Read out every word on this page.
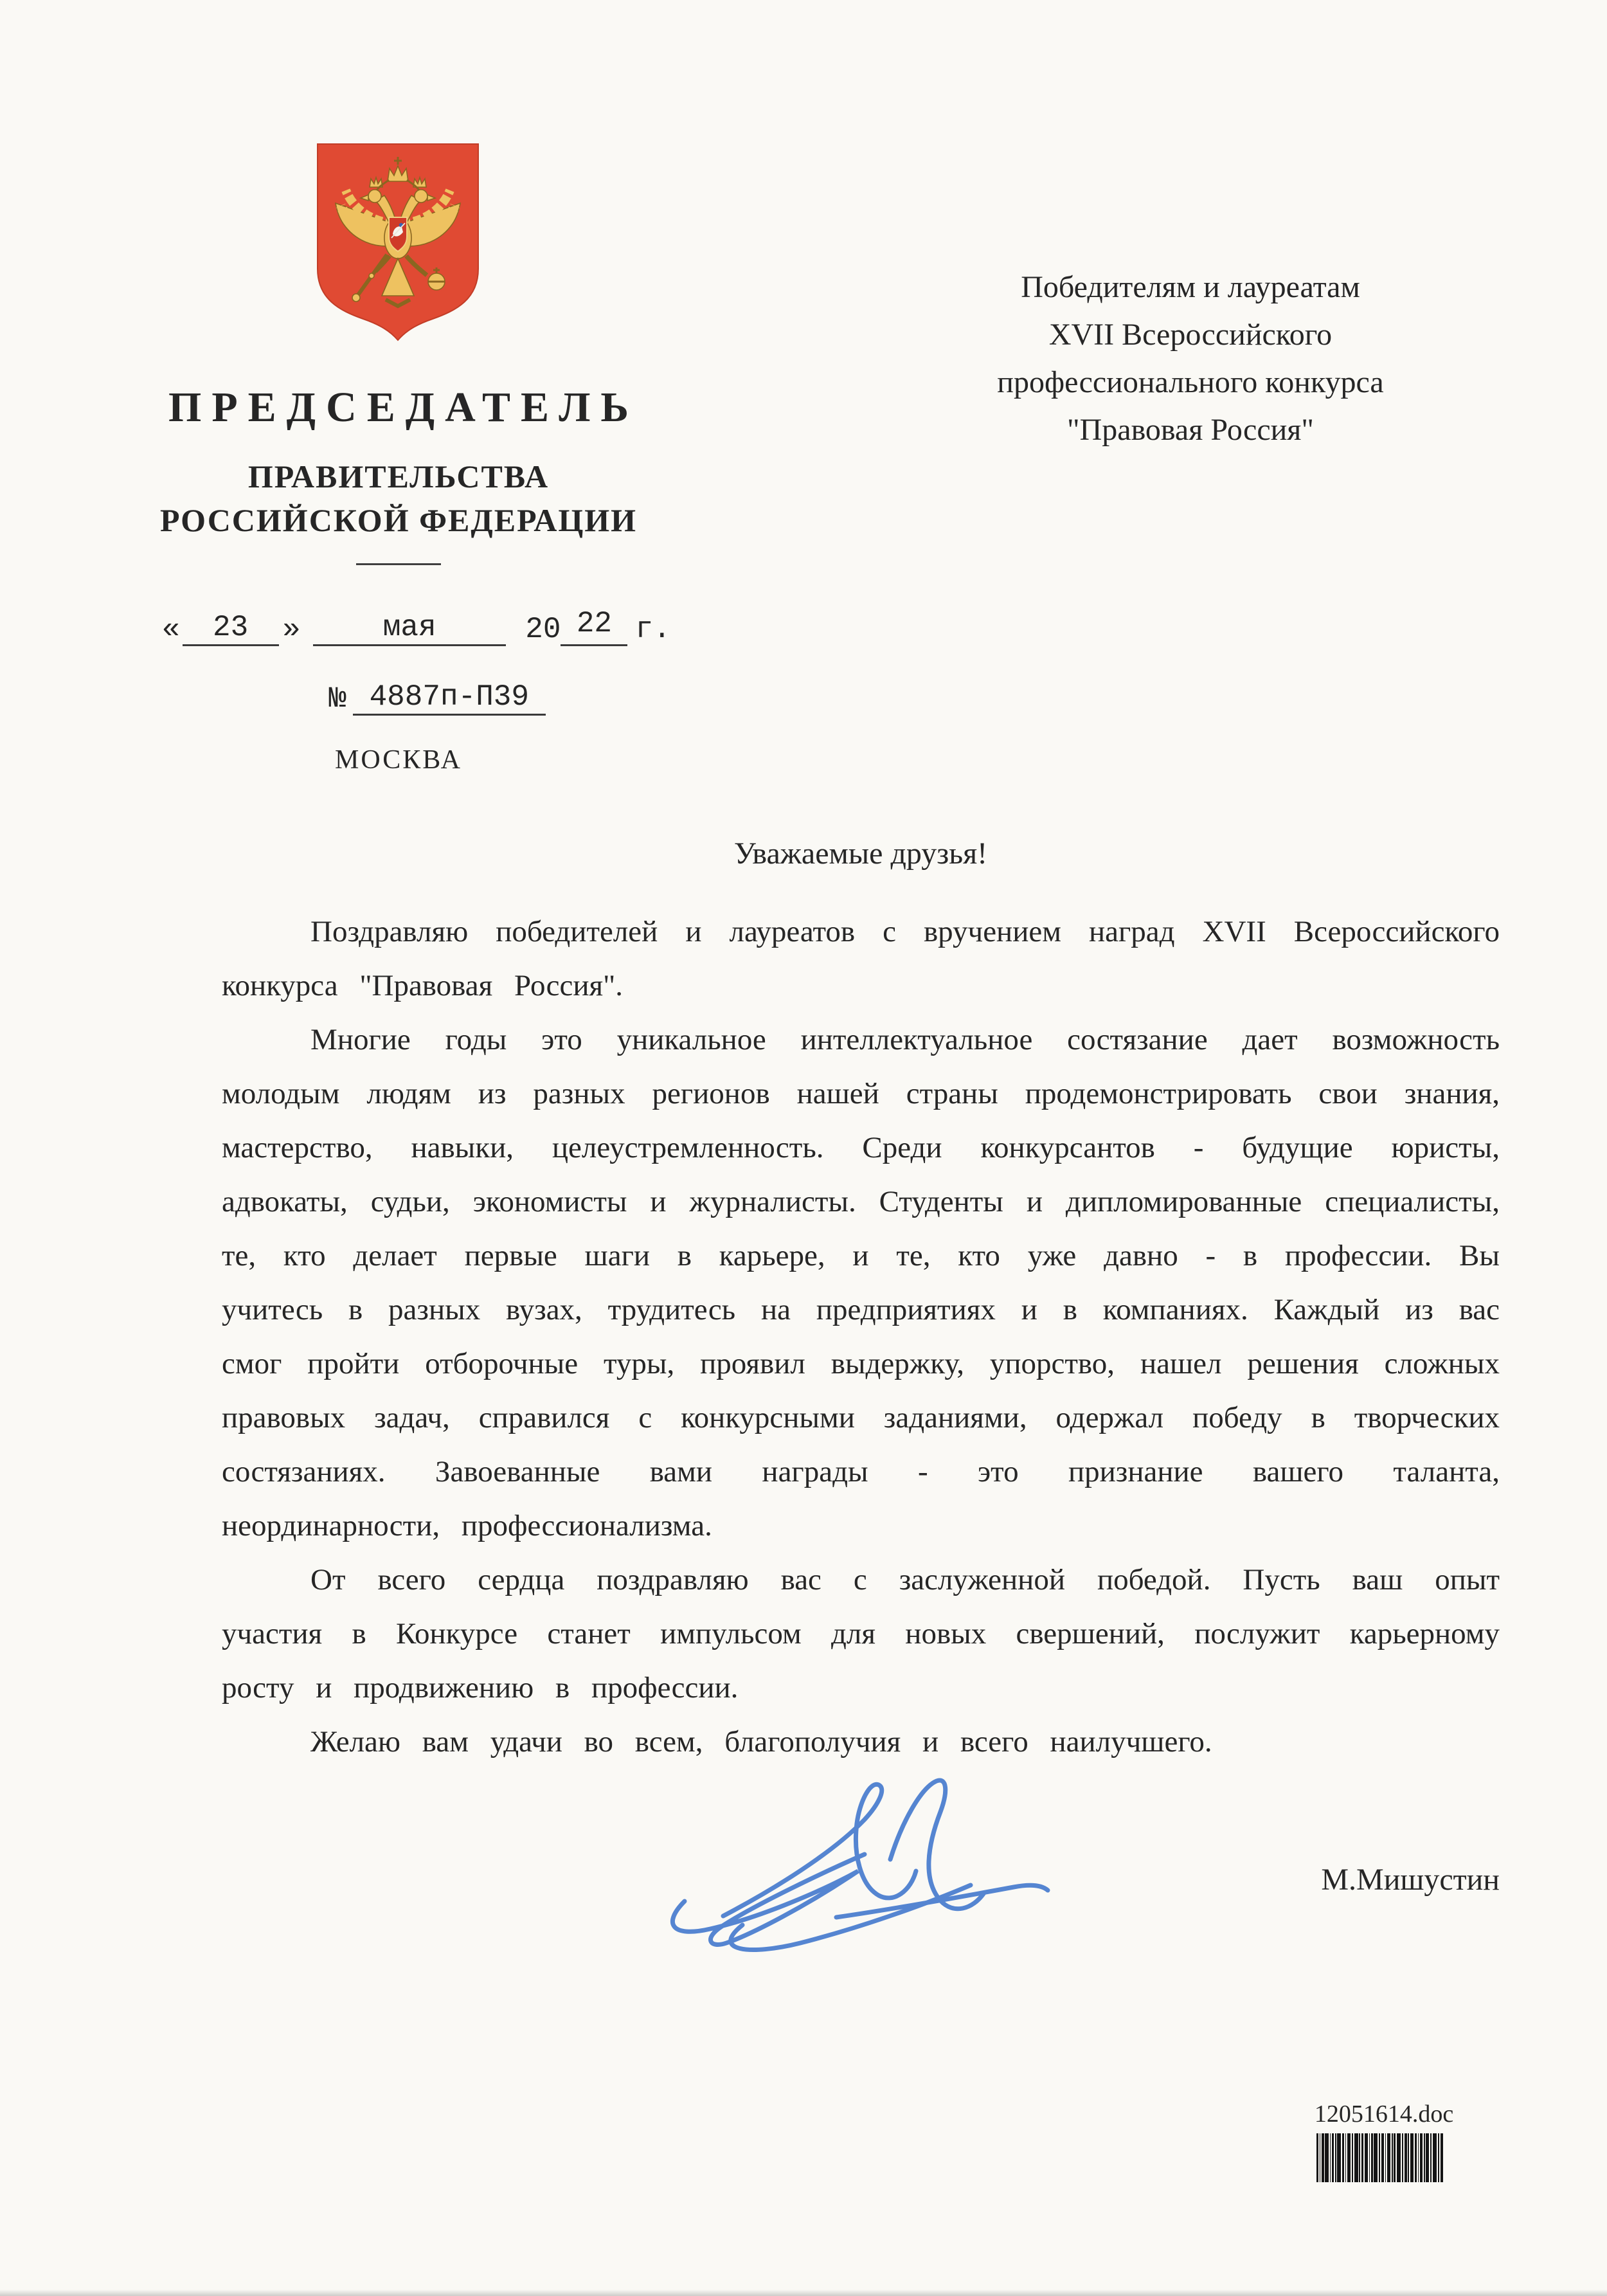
ПРЕДСЕДАТЕЛЬ
ПРАВИТЕЛЬСТВА
РОССИЙСКОЙ ФЕДЕРАЦИИ
Победителям и лауреатам
XVII Всероссийского
профессионального конкурса
"Правовая Россия"
«	23	»	мая	20 22 г.
№ 4887п-П39
МОСКВА
Уважаемые друзья!

Поздравляю победителей и лауреатов с вручением наград XVII Всероссийского конкурса "Правовая Россия".

Многие годы это уникальное интеллектуальное состязание дает возможность молодым людям из разных регионов нашей страны продемонстрировать свои знания, мастерство, навыки, целеустремленность. Среди конкурсантов - будущие юристы, адвокаты, судьи, экономисты и журналисты. Студенты и дипломированные специалисты, те, кто делает первые шаги в карьере, и те, кто уже давно - в профессии. Вы учитесь в разных вузах, трудитесь на предприятиях и в компаниях. Каждый из вас смог пройти отборочные туры, проявил выдержку, упорство, нашел решения сложных правовых задач, справился с конкурсными заданиями, одержал победу в творческих состязаниях. Завоеванные вами награды - это признание вашего таланта, неординарности, профессионализма.

От всего сердца поздравляю вас с заслуженной победой. Пусть ваш опыт участия в Конкурсе станет импульсом для новых свершений, послужит карьерному росту и продвижению в профессии.

Желаю вам удачи во всем, благополучия и всего наилучшего.

М.Мишустин
12051614.doc
